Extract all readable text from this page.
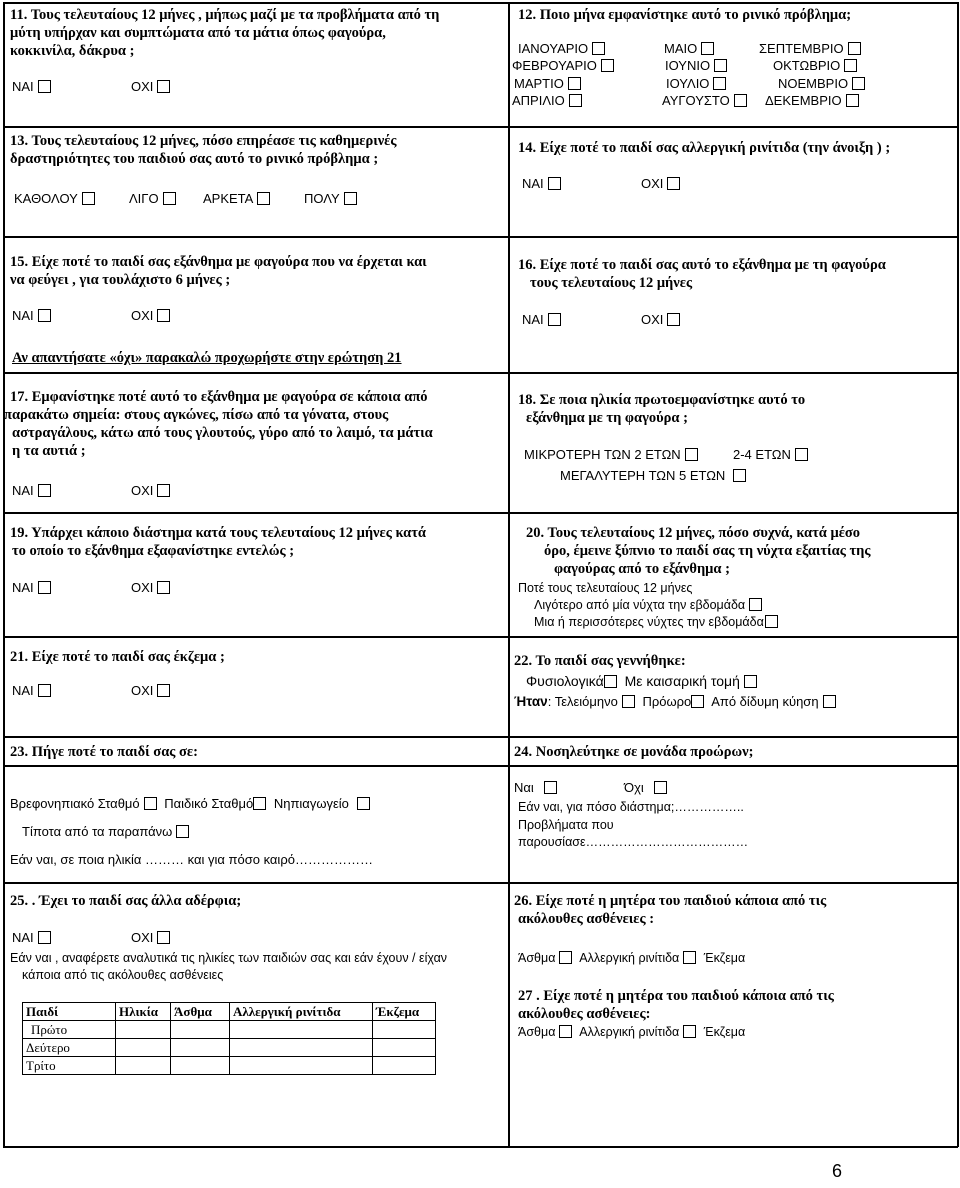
11. Τους τελευταίους 12 μήνες , μήπως μαζί με τα προβλήματα από τη
μύτη υπήρχαν και συμπτώματα από τα μάτια όπως φαγούρα,
κοκκινίλα, δάκρυα ;
ΝΑΙ	ΟΧΙ
12. Ποιο μήνα εμφανίστηκε αυτό το ρινικό πρόβλημα;
ΙΑΝΟΥΑΡΙΟ
ΦΕΒΡΟΥΑΡΙΟ
ΜΑΡΤΙΟ
ΑΠΡΙΛΙΟ
ΜΑΙΟ
ΙΟΥΝΙΟ
ΙΟΥΛΙΟ
ΑΥΓΟΥΣΤΟ
ΣΕΠΤΕΜΒΡΙΟ
ΟΚΤΩΒΡΙΟ
ΝΟΕΜΒΡΙΟ
ΔΕΚΕΜΒΡΙΟ
13. Τους τελευταίους 12 μήνες, πόσο επηρέασε τις καθημερινές
δραστηριότητες του παιδιού σας αυτό το ρινικό πρόβλημα ;
ΚΑΘΟΛΟΥ	ΛΙΓΟ	ΑΡΚΕΤΑ	ΠΟΛΥ
14. Είχε ποτέ το παιδί σας αλλεργική ρινίτιδα (την άνοιξη ) ;
ΝΑΙ	ΟΧΙ
15. Είχε ποτέ το παιδί σας εξάνθημα με φαγούρα που να έρχεται και
να φεύγει , για τουλάχιστο 6 μήνες ;
ΝΑΙ	ΟΧΙ
Αν απαντήσατε «όχι» παρακαλώ προχωρήστε στην ερώτηση 21
16. Είχε ποτέ το παιδί σας αυτό το εξάνθημα με τη φαγούρα
τους τελευταίους 12 μήνες
ΝΑΙ	ΟΧΙ
17. Εμφανίστηκε ποτέ αυτό το εξάνθημα με φαγούρα σε κάποια από
παρακάτω σημεία: στους αγκώνες, πίσω από τα γόνατα, στους
αστραγάλους, κάτω από τους γλουτούς, γύρο από το λαιμό, τα μάτια
η τα αυτιά ;
ΝΑΙ	ΟΧΙ
18. Σε ποια ηλικία πρωτοεμφανίστηκε αυτό το
εξάνθημα με τη φαγούρα ;
ΜΙΚΡΟΤΕΡΗ ΤΩΝ 2 ΕΤΩΝ	2-4 ΕΤΩΝ
ΜΕΓΑΛΥΤΕΡΗ ΤΩΝ 5 ΕΤΩΝ
19. Υπάρχει κάποιο διάστημα κατά τους τελευταίους 12 μήνες κατά
το οποίο το εξάνθημα εξαφανίστηκε εντελώς ;
ΝΑΙ	ΟΧΙ
20. Τους τελευταίους 12 μήνες, πόσο συχνά, κατά μέσο
όρο, έμεινε ξύπνιο το παιδί σας τη νύχτα εξαιτίας της
φαγούρας από το εξάνθημα ;
Ποτέ τους τελευταίους 12 μήνες
Λιγότερο από μία νύχτα την εβδομάδα
Μια ή περισσότερες νύχτες την εβδομάδα
21. Είχε ποτέ το παιδί σας έκζεμα ;
ΝΑΙ	ΟΧΙ
22. Το παιδί σας γεννήθηκε:
Φυσιολογικά Με καισαρική τομή
Ήταν: Τελειόμηνο Πρόωρο Από δίδυμη κύηση
23. Πήγε ποτέ το παιδί σας σε:
Βρεφονηπιακό Σταθμό Παιδικό Σταθμό Νηπιαγωγείο
Τίποτα από τα παραπάνω
Εάν ναι, σε ποια ηλικία ……… και για πόσο καιρό………………
24. Νοσηλεύτηκε σε μονάδα προώρων;
Ναι	Όχι
Εάν ναι, για πόσο διάστημα;……………..
Προβλήματα που
παρουσίασε…………………………………
25. . Έχει το παιδί σας άλλα αδέρφια;
ΝΑΙ	ΟΧΙ
Εάν ναι , αναφέρετε αναλυτικά τις ηλικίες των παιδιών σας και εάν έχουν / είχαν
κάποια από τις ακόλουθες ασθένειες
Παιδί	Ηλικία	Άσθμα	Αλλεργική ρινίτιδα	Έκζεμα
Πρώτο				
Δεύτερο				
Τρίτο				
26. Είχε ποτέ η μητέρα του παιδιού κάποια από τις
ακόλουθες ασθένειες :
Άσθμα Αλλεργική ρινίτιδα Έκζεμα
27 . Είχε ποτέ η μητέρα του παιδιού κάποια από τις
ακόλουθες ασθένειες:
Άσθμα Αλλεργική ρινίτιδα Έκζεμα
6
